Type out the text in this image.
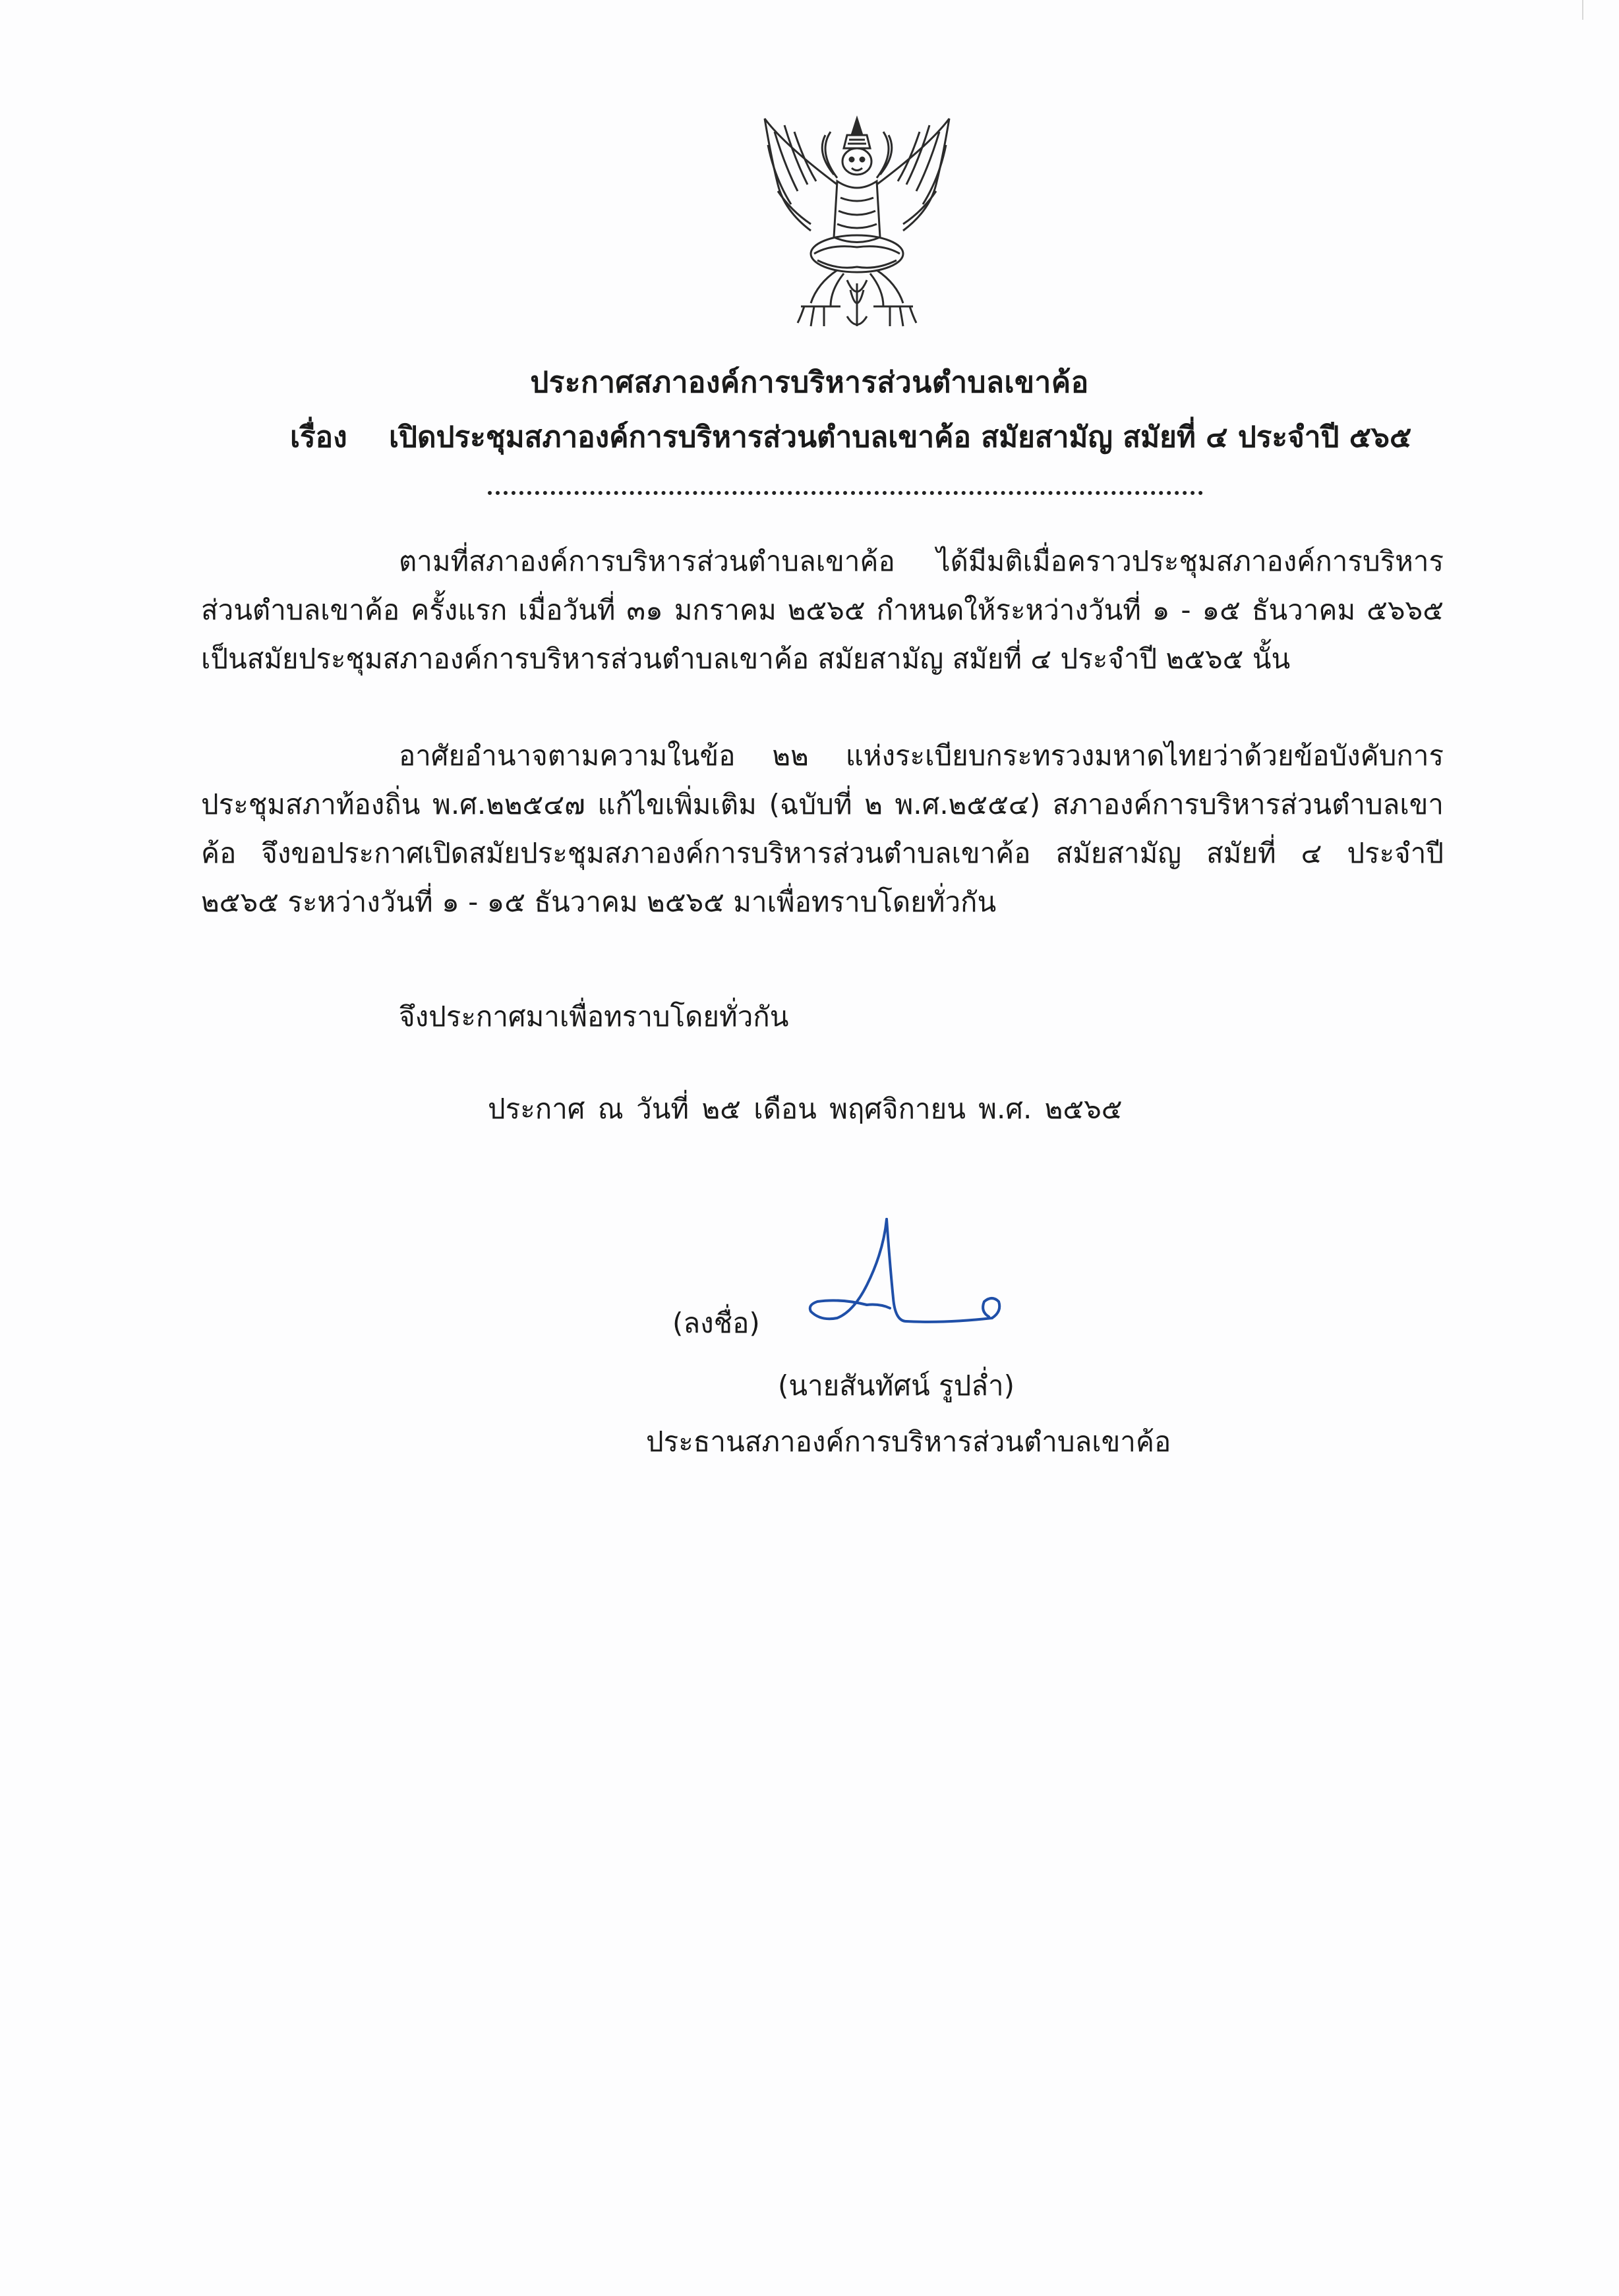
ประกาศสภาองค์การบริหารส่วนตำบลเขาค้อ
เรื่อง เปิดประชุมสภาองค์การบริหารส่วนตำบลเขาค้อ สมัยสามัญ สมัยที่ ๔ ประจำปี ๕๖๕
ตามที่สภาองค์การบริหารส่วนตำบลเขาค้อ ได้มีมติเมื่อคราวประชุมสภาองค์การบริหารส่วนตำบลเขาค้อ ครั้งแรก เมื่อวันที่ ๓๑ มกราคม ๒๕๖๕ กำหนดให้ระหว่างวันที่ ๑ - ๑๕ ธันวาคม ๕๖๖๕ เป็นสมัยประชุมสภาองค์การบริหารส่วนตำบลเขาค้อ สมัยสามัญ สมัยที่ ๔ ประจำปี ๒๕๖๕ นั้น
อาศัยอำนาจตามความในข้อ ๒๒ แห่งระเบียบกระทรวงมหาดไทยว่าด้วยข้อบังคับการประชุมสภาท้องถิ่น พ.ศ.๒๒๕๔๗ แก้ไขเพิ่มเติม (ฉบับที่ ๒ พ.ศ.๒๕๕๔) สภาองค์การบริหารส่วนตำบลเขาค้อ จึงขอประกาศเปิดสมัยประชุมสภาองค์การบริหารส่วนตำบลเขาค้อ สมัยสามัญ สมัยที่ ๔ ประจำปี ๒๕๖๕ ระหว่างวันที่ ๑ - ๑๕ ธันวาคม ๒๕๖๕ มาเพื่อทราบโดยทั่วกัน
จึงประกาศมาเพื่อทราบโดยทั่วกัน
ประกาศ ณ วันที่ ๒๕ เดือน พฤศจิกายน พ.ศ. ๒๕๖๕
(ลงชื่อ)
(นายสันทัศน์ รูปล่ำ)
ประธานสภาองค์การบริหารส่วนตำบลเขาค้อ
